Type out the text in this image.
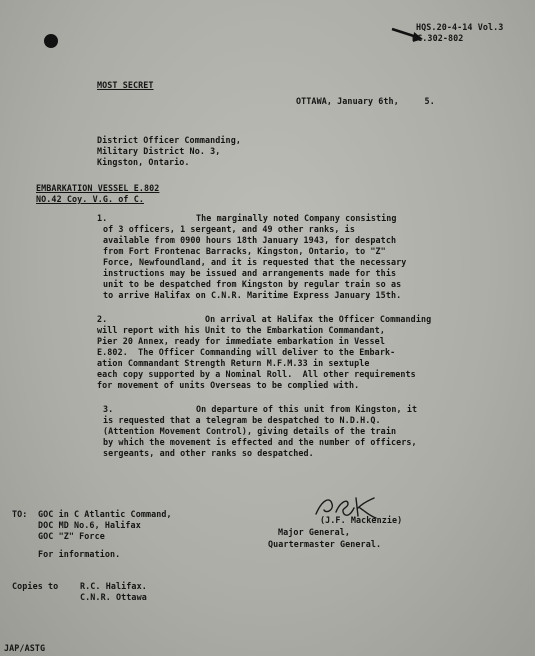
HQS.20-4-14 Vol.3
HC.302-802
MOST SECRET
OTTAWA, January 6th,     5.
District Officer Commanding,
Military District No. 3,
Kingston, Ontario.
EMBARKATION VESSEL E.802
NO.42 Coy. V.G. of C.
1.	The marginally noted Company consisting
of 3 officers, 1 sergeant, and 49 other ranks, is
available from 0900 hours 18th January 1943, for despatch
from Fort Frontenac Barracks, Kingston, Ontario, to "Z"
Force, Newfoundland, and it is requested that the necessary
instructions may be issued and arrangements made for this
unit to be despatched from Kingston by regular train so as
to arrive Halifax on C.N.R. Maritime Express January 15th.
2.	On arrival at Halifax the Officer Commanding
will report with his Unit to the Embarkation Commandant,
Pier 20 Annex, ready for immediate embarkation in Vessel
E.802.  The Officer Commanding will deliver to the Embark-
ation Commandant Strength Return M.F.M.33 in sextuple
each copy supported by a Nominal Roll.  All other requirements
for movement of units Overseas to be complied with.
3.	On departure of this unit from Kingston, it
is requested that a telegram be despatched to N.D.H.Q.
(Attention Movement Control), giving details of the train
by which the movement is effected and the number of officers,
sergeants, and other ranks so despatched.
TO: GOC in C Atlantic Command,
DOC MD No.6, Halifax
GOC "Z" Force
For information.
(J.F. Mackenzie)
Major General,
Quartermaster General.
Copies to	R.C. Halifax.
C.N.R. Ottawa
JAP/ASTG
